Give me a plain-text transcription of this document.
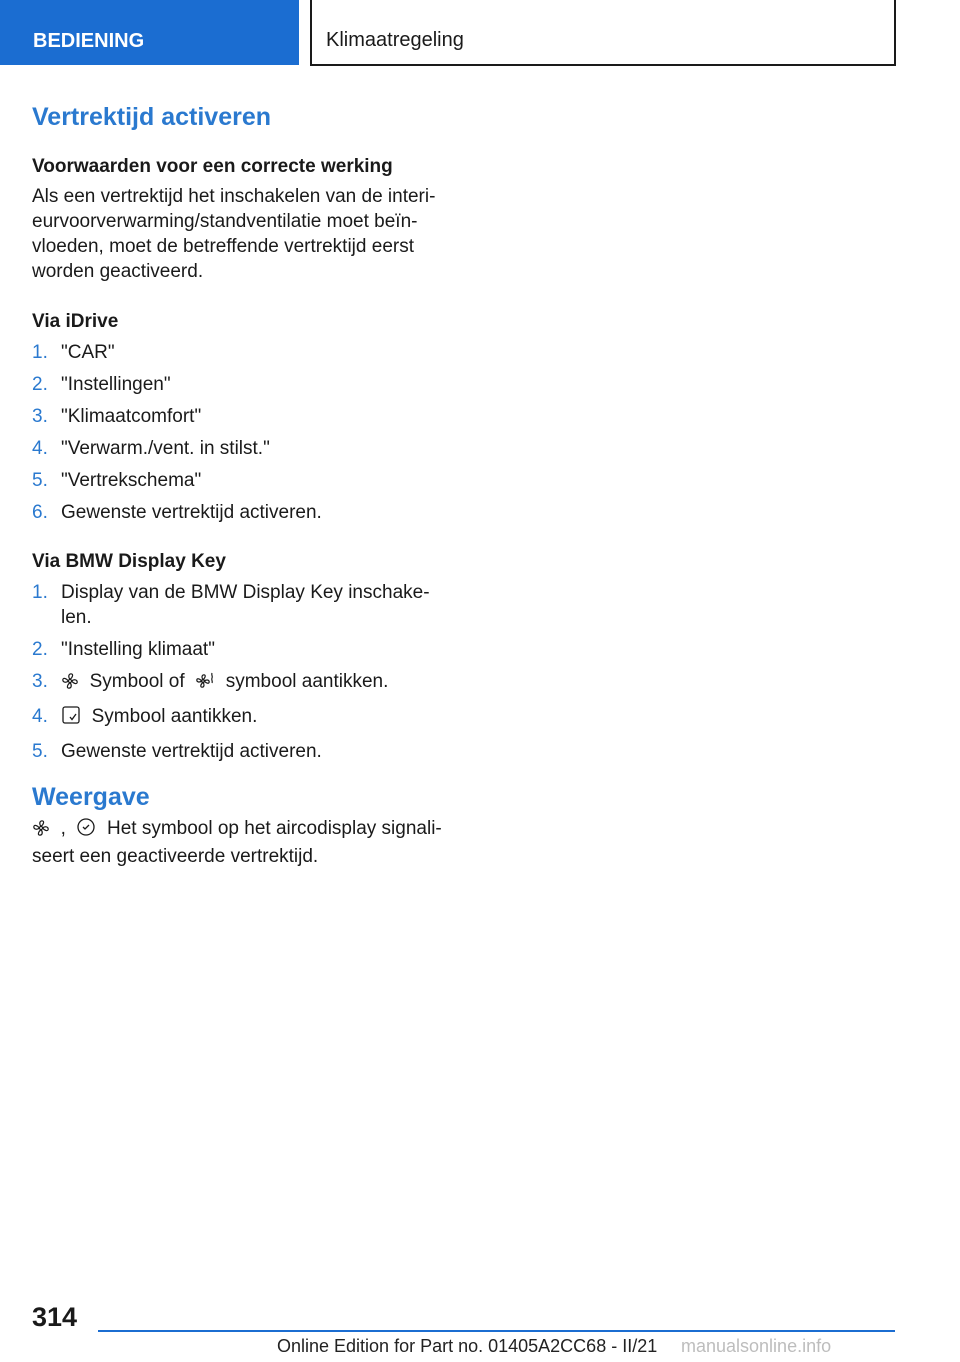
BEDIENING	Klimaatregeling
Vertrektijd activeren
Voorwaarden voor een correcte werking
Als een vertrektijd het inschakelen van de interi-
eurvoorverwarming/standventilatie moet beïn-
vloeden, moet de betreffende vertrektijd eerst
worden geactiveerd.
Via iDrive
1. "CAR"
2. "Instellingen"
3. "Klimaatcomfort"
4. "Verwarm./vent. in stilst."
5. "Vertrekschema"
6. Gewenste vertrektijd activeren.
Via BMW Display Key
1. Display van de BMW Display Key inschake-
len.
2. "Instelling klimaat"
3. Symbool of symbool aantikken.
4. Symbool aantikken.
5. Gewenste vertrektijd activeren.
Weergave
, Het symbool op het aircodisplay signali-
seert een geactiveerde vertrektijd.
314
Online Edition for Part no. 01405A2CC68 - II/21 manualsonline.info
